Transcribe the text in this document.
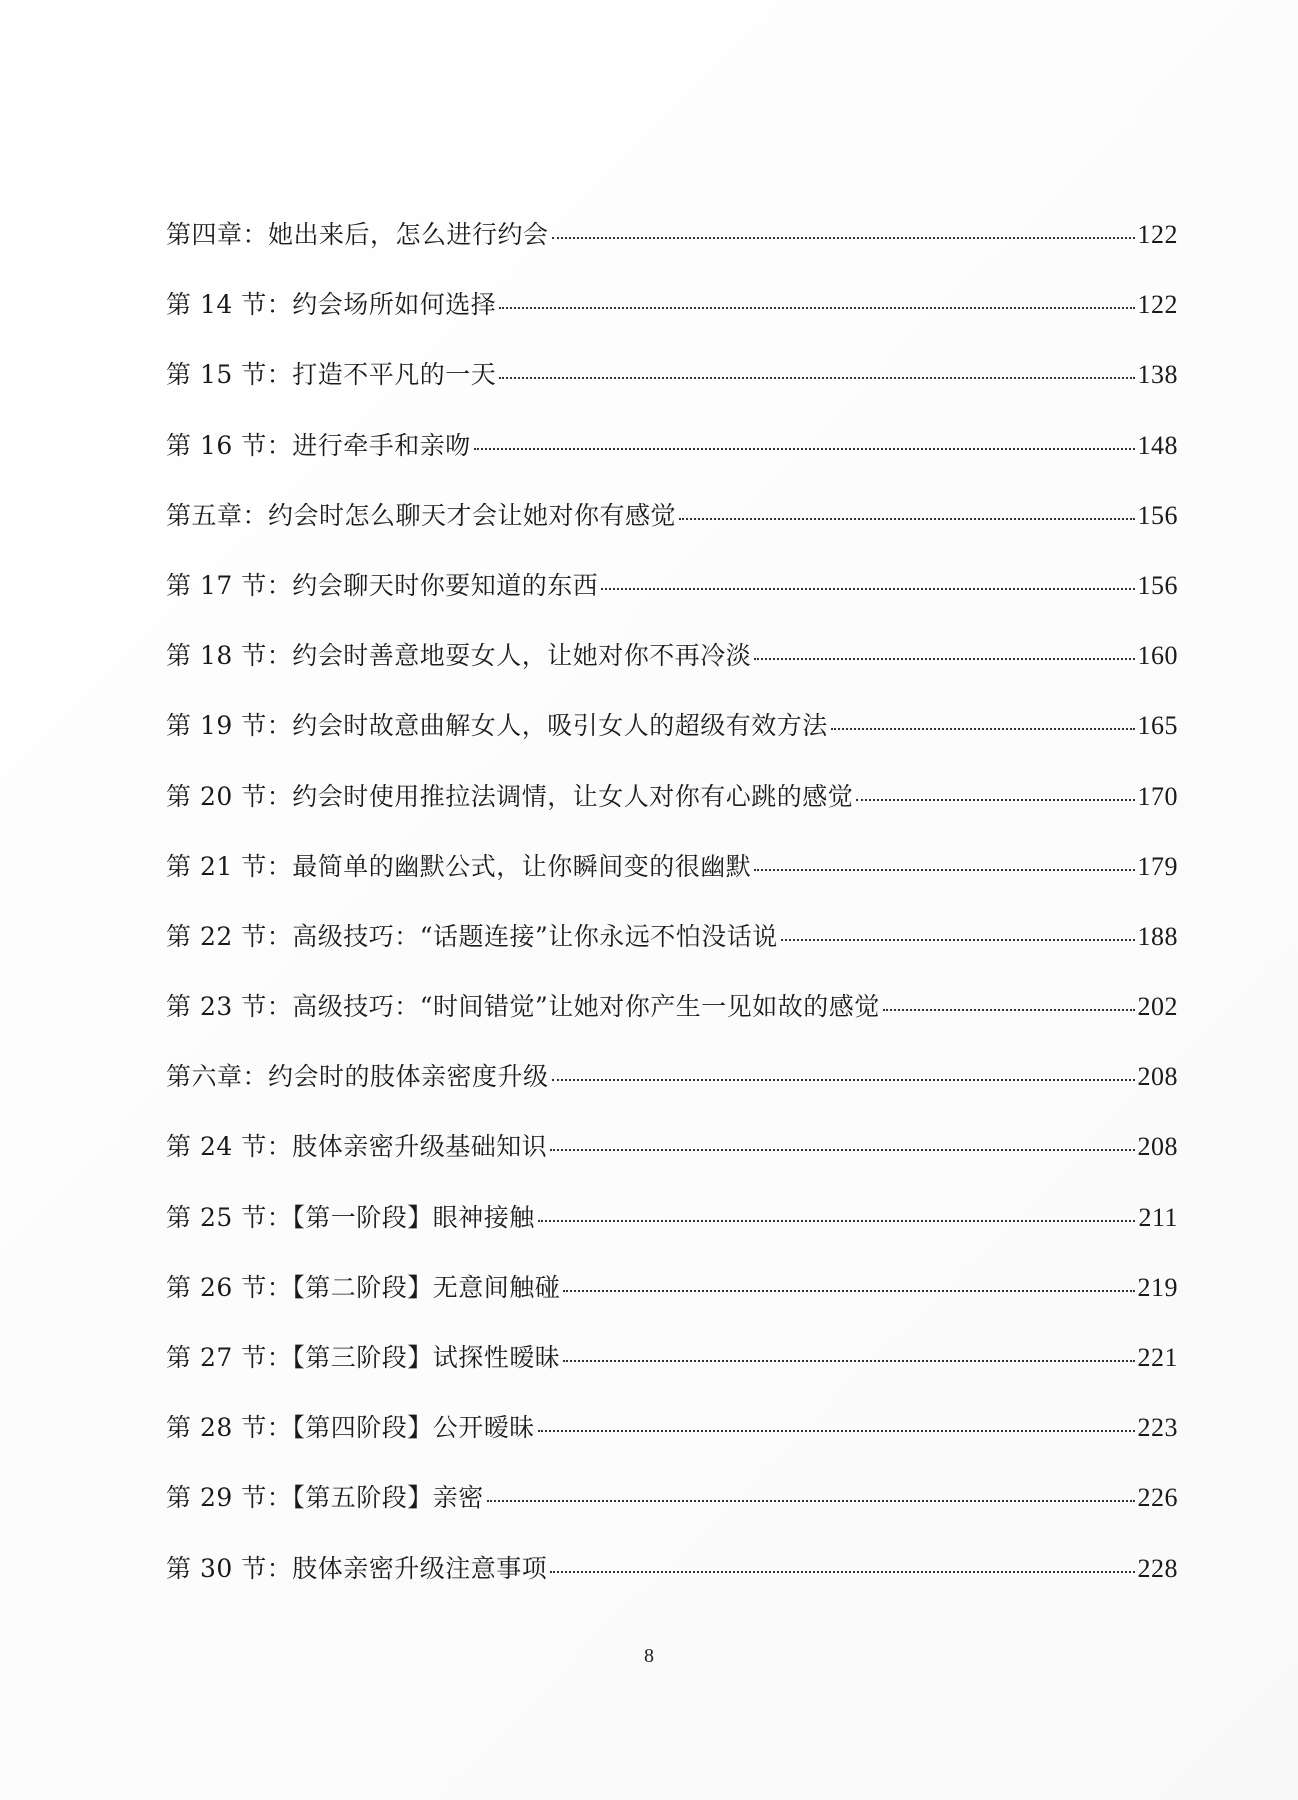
第四章：她出来后，怎么进行约会	122
第 14 节：约会场所如何选择	122
第 15 节：打造不平凡的一天	138
第 16 节：进行牵手和亲吻	148
第五章：约会时怎么聊天才会让她对你有感觉	156
第 17 节：约会聊天时你要知道的东西	156
第 18 节：约会时善意地耍女人，让她对你不再冷淡	160
第 19 节：约会时故意曲解女人，吸引女人的超级有效方法	165
第 20 节：约会时使用推拉法调情，让女人对你有心跳的感觉	170
第 21 节：最简单的幽默公式，让你瞬间变的很幽默	179
第 22 节：高级技巧：“话题连接”让你永远不怕没话说	188
第 23 节：高级技巧：“时间错觉”让她对你产生一见如故的感觉	202
第六章：约会时的肢体亲密度升级	208
第 24 节：肢体亲密升级基础知识	208
第 25 节：【第一阶段】眼神接触	211
第 26 节：【第二阶段】无意间触碰	219
第 27 节：【第三阶段】试探性暧昧	221
第 28 节：【第四阶段】公开暧昧	223
第 29 节：【第五阶段】亲密	226
第 30 节：肢体亲密升级注意事项	228
8
